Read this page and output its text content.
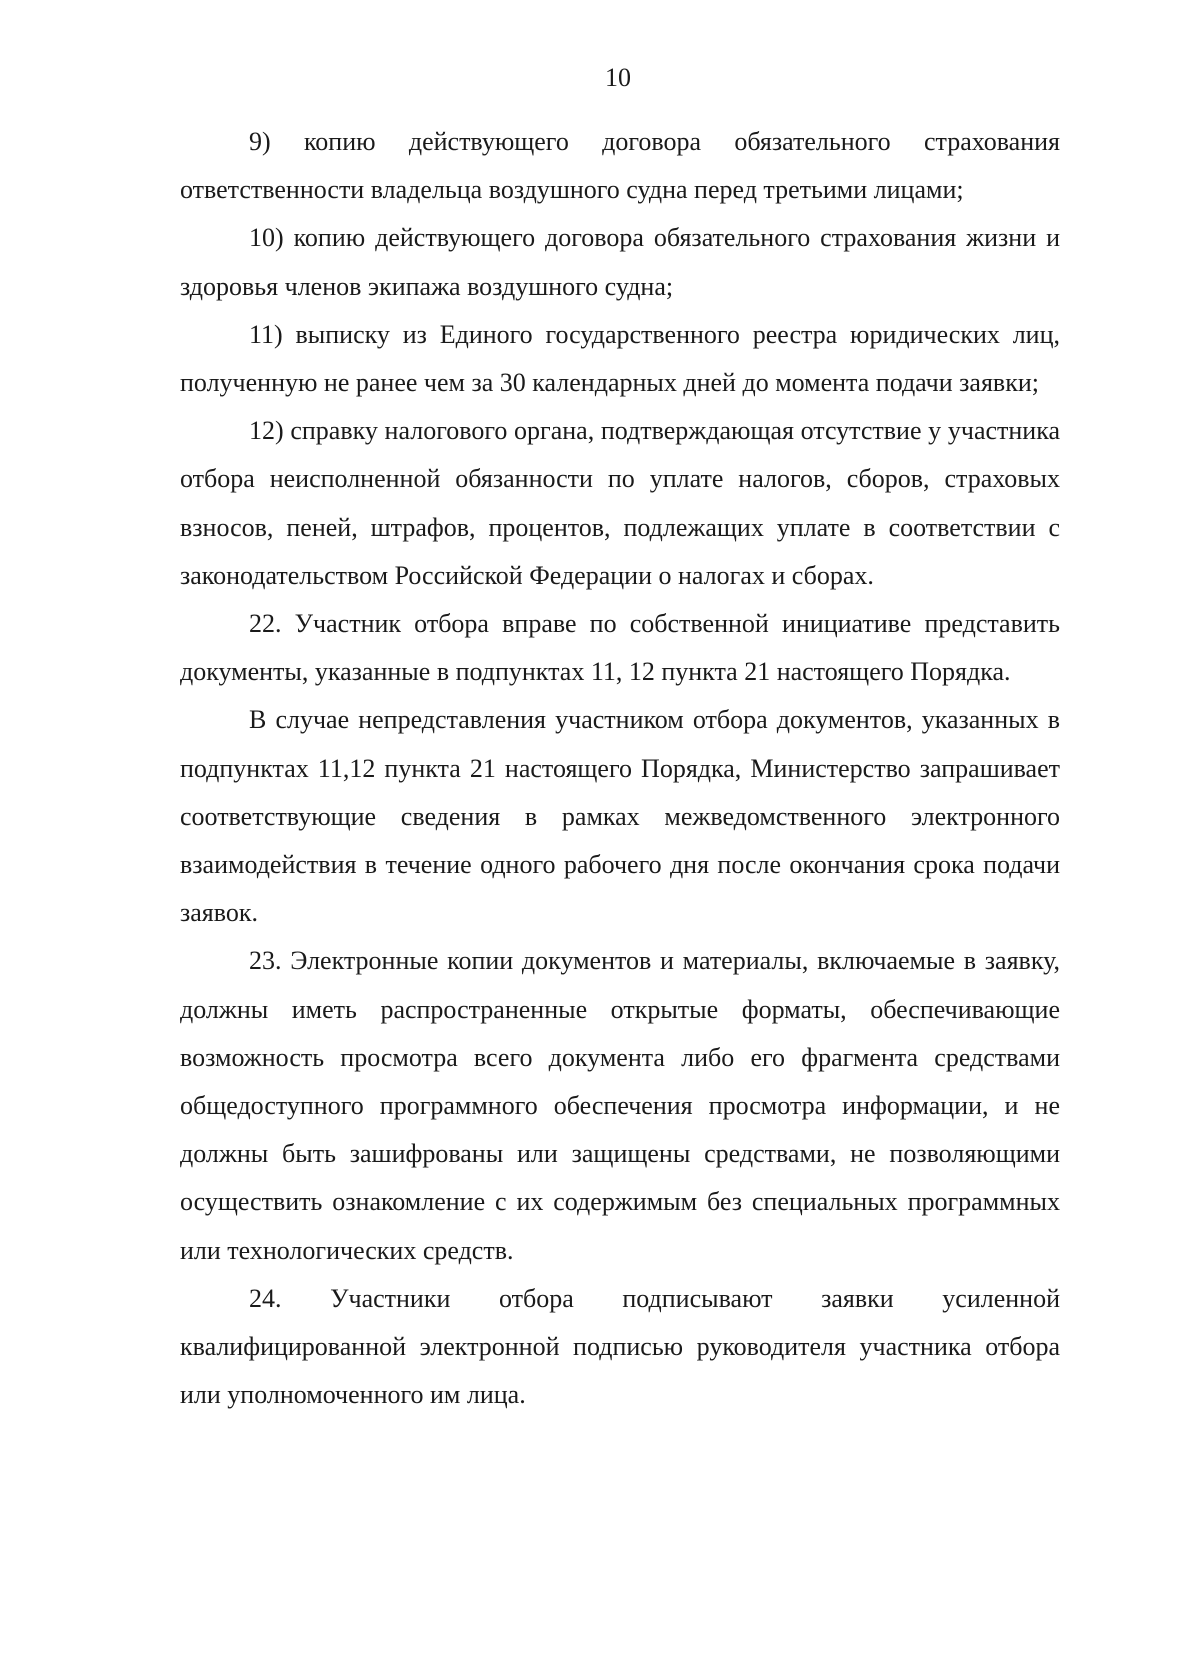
10

9) копию действующего договора обязательного страхования ответственности владельца воздушного судна перед третьими лицами;

10) копию действующего договора обязательного страхования жизни и здоровья членов экипажа воздушного судна;

11) выписку из Единого государственного реестра юридических лиц, полученную не ранее чем за 30 календарных дней до момента подачи заявки;

12) справку налогового органа, подтверждающая отсутствие у участника отбора неисполненной обязанности по уплате налогов, сборов, страховых взносов, пеней, штрафов, процентов, подлежащих уплате в соответствии с законодательством Российской Федерации о налогах и сборах.

22. Участник отбора вправе по собственной инициативе представить документы, указанные в подпунктах 11, 12 пункта 21 настоящего Порядка.

В случае непредставления участником отбора документов, указанных в подпунктах 11,12 пункта 21 настоящего Порядка, Министерство запрашивает соответствующие сведения в рамках межведомственного электронного взаимодействия в течение одного рабочего дня после окончания срока подачи заявок.

23. Электронные копии документов и материалы, включаемые в заявку, должны иметь распространенные открытые форматы, обеспечивающие возможность просмотра всего документа либо его фрагмента средствами общедоступного программного обеспечения просмотра информации, и не должны быть зашифрованы или защищены средствами, не позволяющими осуществить ознакомление с их содержимым без специальных программных или технологических средств.

24. Участники отбора подписывают заявки усиленной квалифицированной электронной подписью руководителя участника отбора или уполномоченного им лица.
